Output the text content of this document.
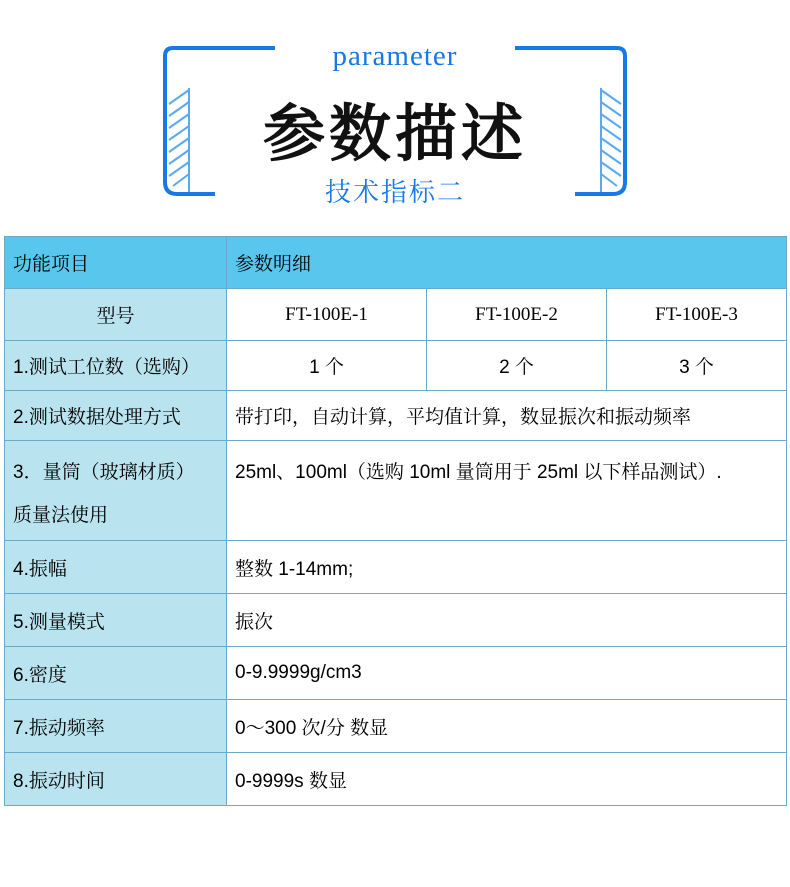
parameter
参数描述
技术指标二
功能项目	参数明细		
型号	FT-100E-1	FT-100E-2	FT-100E-3
1.测试工位数（选购）	1 个	2 个	3 个
2.测试数据处理方式	带打印，自动计算，平均值计算，数显振次和振动频率		
3．量筒（玻璃材质）
质量法使用	25ml、100ml（选购 10ml 量筒用于 25ml 以下样品测试）.		
4.振幅	整数 1-14mm;		
5.测量模式	振次		
6.密度	0-9.9999g/cm3		
7.振动频率	0～300 次/分 数显		
8.振动时间	0-9999s 数显		
